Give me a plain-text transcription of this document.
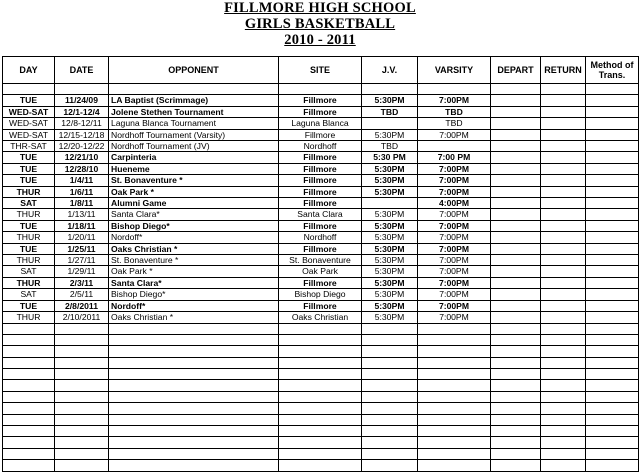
FILLMORE HIGH SCHOOL
GIRLS BASKETBALL
2010 - 2011
DAY	DATE	OPPONENT	SITE	J.V.	VARSITY	DEPART	RETURN	Method of Trans.

TUE	11/24/09	LA Baptist (Scrimmage)	Fillmore	5:30PM	7:00PM			
WED-SAT	12/1-12/4	Jolene Stethen Tournament	Fillmore	TBD	TBD			
WED-SAT	12/8-12/11	Laguna Blanca Tournament	Laguna Blanca		TBD			
WED-SAT	12/15-12/18	Nordhoff Tournament (Varsity)	Fillmore	5:30PM	7:00PM			
THR-SAT	12/20-12/22	Nordhoff Tournament (JV)	Nordhoff	TBD				
TUE	12/21/10	Carpinteria	Fillmore	5:30 PM	7:00 PM			
TUE	12/28/10	Hueneme	Fillmore	5:30PM	7:00PM			
TUE	1/4/11	St. Bonaventure *	Fillmore	5:30PM	7:00PM			
THUR	1/6/11	Oak Park *	Fillmore	5:30PM	7:00PM			
SAT	1/8/11	Alumni Game	Fillmore		4:00PM			
THUR	1/13/11	Santa Clara*	Santa Clara	5:30PM	7:00PM			
TUE	1/18/11	Bishop Diego*	Fillmore	5:30PM	7:00PM			
THUR	1/20/11	Nordoff*	Nordhoff	5:30PM	7:00PM			
TUE	1/25/11	Oaks Christian *	Fillmore	5:30PM	7:00PM			
THUR	1/27/11	St. Bonaventure *	St. Bonaventure	5:30PM	7:00PM			
SAT	1/29/11	Oak Park *	Oak Park	5:30PM	7:00PM			
THUR	2/3/11	Santa Clara*	Fillmore	5:30PM	7:00PM			
SAT	2/5/11	Bishop Diego*	Bishop Diego	5:30PM	7:00PM			
TUE	2/8/2011	Nordoff*	Fillmore	5:30PM	7:00PM			
THUR	2/10/2011	Oaks Christian *	Oaks Christian	5:30PM	7:00PM			
